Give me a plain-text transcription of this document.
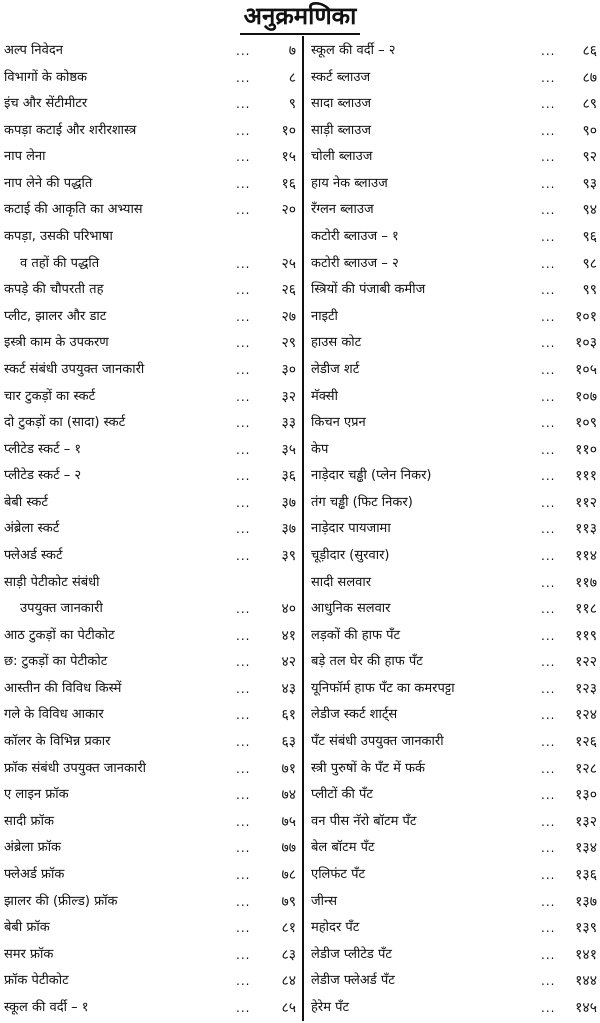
अनुक्रमणिका
अल्प निवेदन	...	७
विभागों के कोष्ठक	...	८
इंच और सेंटीमीटर	...	९
कपड़ा कटाई और शरीरशास्त्र	... १०
नाप लेना	... १५
नाप लेने की पद्धति	... १६
कटाई की आकृति का अभ्यास	... २०
कपड़ा, उसकी परिभाषा
व तहों की पद्धति	... २५
कपड़े की चौपरती तह	... २६
प्लीट, झालर और डाट	... २७
इस्त्री काम के उपकरण	... २९
स्कर्ट संबंधी उपयुक्त जानकारी	... ३०
चार टुकड़ों का स्कर्ट	... ३२
दो टुकड़ों का (सादा) स्कर्ट	... ३३
प्लीटेड स्कर्ट – १	... ३५
प्लीटेड स्कर्ट – २	... ३६
बेबी स्कर्ट	... ३७
अंब्रेला स्कर्ट	... ३७
फ्लेअर्ड स्कर्ट	... ३९
साड़ी पेटीकोट संबंधी
उपयुक्त जानकारी	... ४०
आठ टुकड़ों का पेटीकोट	... ४१
छ: टुकड़ों का पेटीकोट	... ४२
आस्तीन की विविध किस्में	... ४३
गले के विविध आकार	... ६१
कॉलर के विभिन्न प्रकार	... ६३
फ्रॉक संबंधी उपयुक्त जानकारी	... ७१
ए लाइन फ्रॉक	... ७४
सादी फ्रॉक	... ७५
अंब्रेला फ्रॉक	... ७७
फ्लेअर्ड फ्रॉक	... ७८
झालर की (फ्रील्ड) फ्रॉक	... ७९
बेबी फ्रॉक	... ८१
समर फ्रॉक	... ८३
फ्रॉक पेटीकोट	... ८४
स्कूल की वर्दी – १	... ८५
स्कूल की वर्दी – २	... ८६
स्कर्ट ब्लाउज	... ८७
सादा ब्लाउज	... ८९
साड़ी ब्लाउज	... ९०
चोली ब्लाउज	... ९२
हाय नेक ब्लाउज	... ९३
रॅंग्लन ब्लाउज	... ९४
कटोरी ब्लाउज – १	... ९६
कटोरी ब्लाउज – २	... ९८
स्त्रियों की पंजाबी कमीज	... ९९
नाइटी	... १०१
हाउस कोट	... १०३
लेडीज शर्ट	... १०५
मॅक्सी	... १०७
किचन एप्रन	... १०९
केप	... ११०
नाड़ेदार चड्ढी (प्लेन निकर)	... १११
तंग चड्ढी (फिट निकर)	... ११२
नाड़ेदार पायजामा	... ११३
चूड़ीदार (सुरवार)	... ११४
सादी सलवार	... ११७
आधुनिक सलवार	... ११८
लड़कों की हाफ पँट	... ११९
बड़े तल घेर की हाफ पँट	... १२२
यूनिफॉर्म हाफ पँट का कमरपट्टा	... १२३
लेडीज स्कर्ट शार्ट्स	... १२४
पँट संबंधी उपयुक्त जानकारी	... १२६
स्त्री पुरुषों के पँट में फर्क	... १२८
प्लीटों की पँट	... १३०
वन पीस नॅरो बॉटम पँट	... १३२
बेल बॉटम पँट	... १३४
एलिफंट पँट	... १३६
जीन्स	... १३७
महोदर पँट	... १३९
लेडीज प्लीटेड पँट	... १४१
लेडीज फ्लेअर्ड पँट	... १४४
हेरेम पँट	... १४५
